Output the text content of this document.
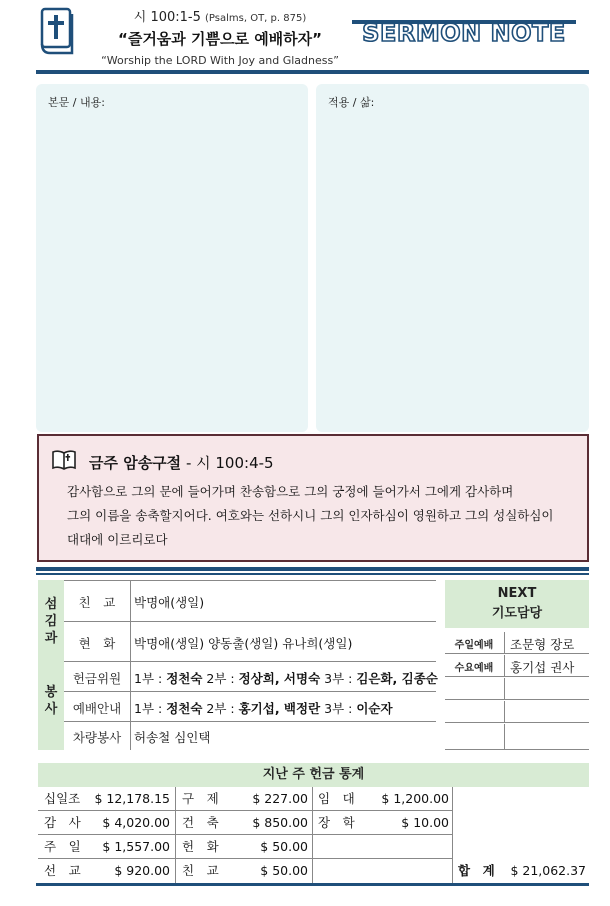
시 100:1-5 (Psalms, OT, p. 875)
“즐거움과 기쁨으로 예배하자”
“Worship the LORD With Joy and Gladness”
SERMON NOTE
본문 / 내용:	적용 / 삶:
금주 암송구절 - 시 100:4-5
감사함으로 그의 문에 들어가며 찬송함으로 그의 궁정에 들어가서 그에게 감사하며
그의 이름을 송축할지어다. 여호와는 선하시니 그의 인자하심이 영원하고 그의 성실하심이
대대에 이르리로다
섬
김
과
봉
사
친　교	박명애(생일)
현　화	박명애(생일) 양동출(생일) 유나희(생일)
헌금위원	1부 : 정천숙 2부 : 정상희, 서명숙 3부 : 김은화, 김종순
예배안내	1부 : 정천숙 2부 : 홍기섭, 백정란 3부 : 이순자
차량봉사	허송철 심인택
NEXT
기도담당
주일예배	조문형 장로
수요예배	홍기섭 권사
지난 주 헌금 통계
십일조	$ 12,178.15 구　제	$ 227.00 임　대	$ 1,200.00
감　사	$ 4,020.00 건　축	$ 850.00 장　학	$ 10.00
주　일	$ 1,557.00 헌　화	$ 50.00
선　교	$ 920.00 친　교	$ 50.00	합　계	$ 21,062.37
